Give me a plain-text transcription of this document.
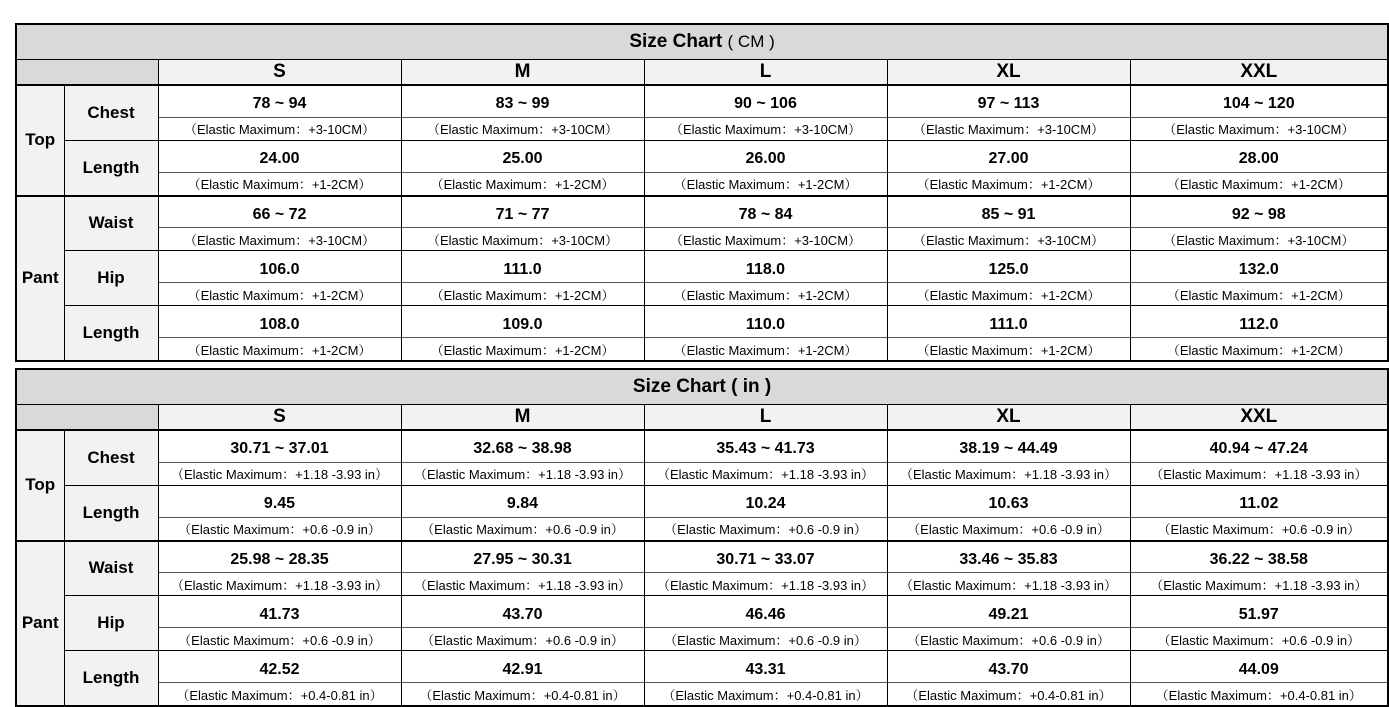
Size Chart ( CM )						
		S	M	L	XL	XXL
Top	Chest	78 ~ 94	83 ~ 99	90 ~ 106	97 ~ 113	104 ~ 120
		（Elastic Maximum：+3-10CM）	（Elastic Maximum：+3-10CM）	（Elastic Maximum：+3-10CM）	（Elastic Maximum：+3-10CM）	（Elastic Maximum：+3-10CM）
	Length	24.00	25.00	26.00	27.00	28.00
		（Elastic Maximum：+1-2CM）	（Elastic Maximum：+1-2CM）	（Elastic Maximum：+1-2CM）	（Elastic Maximum：+1-2CM）	（Elastic Maximum：+1-2CM）
Pant	Waist	66 ~ 72	71 ~ 77	78 ~ 84	85 ~ 91	92 ~ 98
		（Elastic Maximum：+3-10CM）	（Elastic Maximum：+3-10CM）	（Elastic Maximum：+3-10CM）	（Elastic Maximum：+3-10CM）	（Elastic Maximum：+3-10CM）
	Hip	106.0	111.0	118.0	125.0	132.0
		（Elastic Maximum：+1-2CM）	（Elastic Maximum：+1-2CM）	（Elastic Maximum：+1-2CM）	（Elastic Maximum：+1-2CM）	（Elastic Maximum：+1-2CM）
	Length	108.0	109.0	110.0	111.0	112.0
		（Elastic Maximum：+1-2CM）	（Elastic Maximum：+1-2CM）	（Elastic Maximum：+1-2CM）	（Elastic Maximum：+1-2CM）	（Elastic Maximum：+1-2CM）
Size Chart ( in )						
		S	M	L	XL	XXL
Top	Chest	30.71 ~ 37.01	32.68 ~ 38.98	35.43 ~ 41.73	38.19 ~ 44.49	40.94 ~ 47.24
		（Elastic Maximum：+1.18 -3.93 in）	（Elastic Maximum：+1.18 -3.93 in）	（Elastic Maximum：+1.18 -3.93 in）	（Elastic Maximum：+1.18 -3.93 in）	（Elastic Maximum：+1.18 -3.93 in）
	Length	9.45	9.84	10.24	10.63	11.02
		（Elastic Maximum：+0.6 -0.9 in）	（Elastic Maximum：+0.6 -0.9 in）	（Elastic Maximum：+0.6 -0.9 in）	（Elastic Maximum：+0.6 -0.9 in）	（Elastic Maximum：+0.6 -0.9 in）
Pant	Waist	25.98 ~ 28.35	27.95 ~ 30.31	30.71 ~ 33.07	33.46 ~ 35.83	36.22 ~ 38.58
		（Elastic Maximum：+1.18 -3.93 in）	（Elastic Maximum：+1.18 -3.93 in）	（Elastic Maximum：+1.18 -3.93 in）	（Elastic Maximum：+1.18 -3.93 in）	（Elastic Maximum：+1.18 -3.93 in）
	Hip	41.73	43.70	46.46	49.21	51.97
		（Elastic Maximum：+0.6 -0.9 in）	（Elastic Maximum：+0.6 -0.9 in）	（Elastic Maximum：+0.6 -0.9 in）	（Elastic Maximum：+0.6 -0.9 in）	（Elastic Maximum：+0.6 -0.9 in）
	Length	42.52	42.91	43.31	43.70	44.09
		（Elastic Maximum：+0.4-0.81 in）	（Elastic Maximum：+0.4-0.81 in）	（Elastic Maximum：+0.4-0.81 in）	（Elastic Maximum：+0.4-0.81 in）	（Elastic Maximum：+0.4-0.81 in）
